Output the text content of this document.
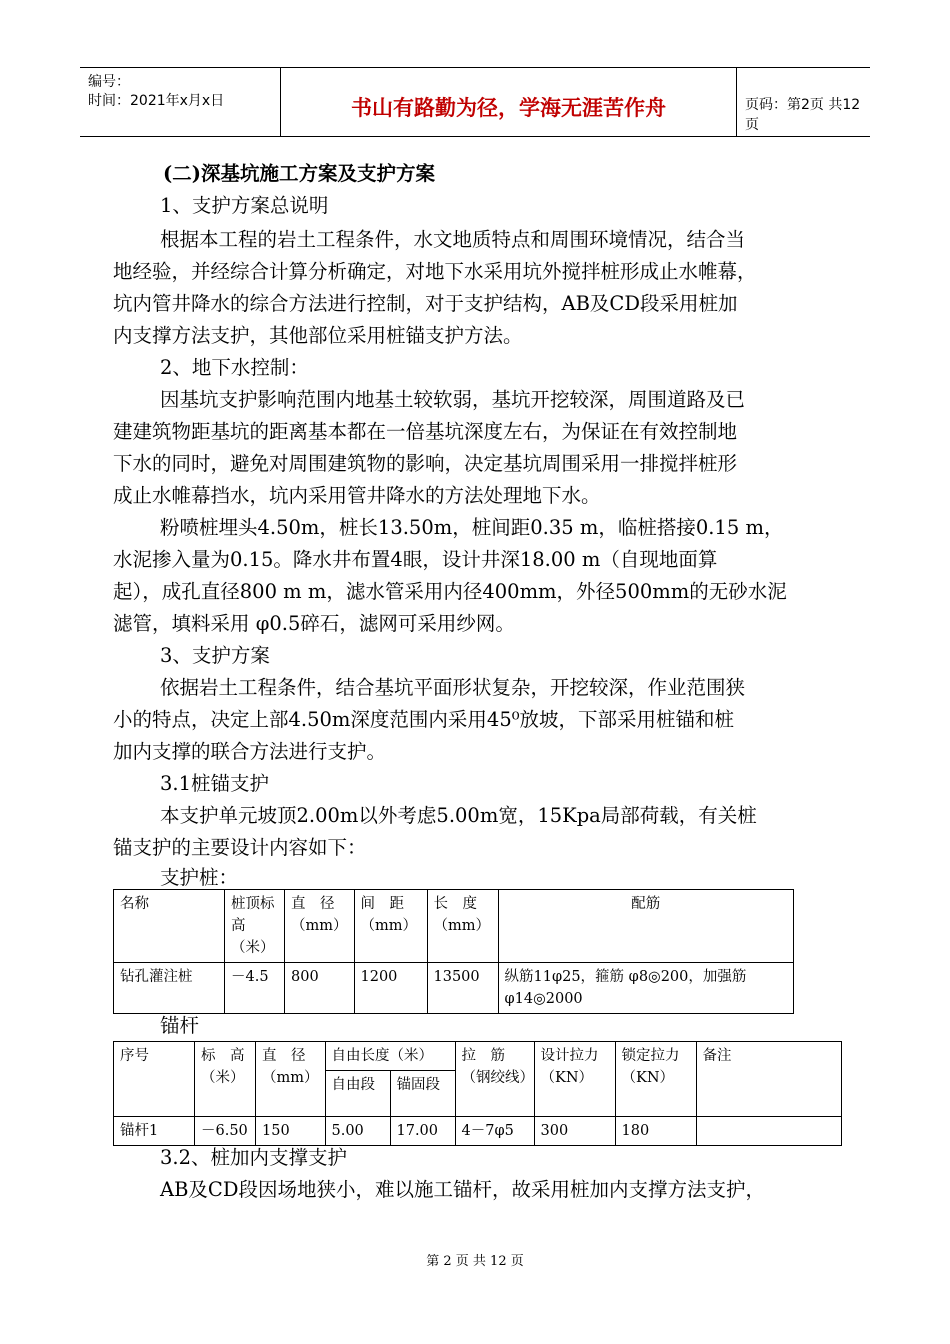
编号：
时间：2021年x月x日	书山有路勤为径，学海无涯苦作舟	页码：第2页 共12页
(二)深基坑施工方案及支护方案
1、支护方案总说明
根据本工程的岩土工程条件，水文地质特点和周围环境情况，结合当
地经验，并经综合计算分析确定，对地下水采用坑外搅拌桩形成止水帷幕，
坑内管井降水的综合方法进行控制，对于支护结构，AB及CD段采用桩加
内支撑方法支护，其他部位采用桩锚支护方法。
2、地下水控制：
因基坑支护影响范围内地基土较软弱，基坑开挖较深，周围道路及已
建建筑物距基坑的距离基本都在一倍基坑深度左右，为保证在有效控制地
下水的同时，避免对周围建筑物的影响，决定基坑周围采用一排搅拌桩形
成止水帷幕挡水，坑内采用管井降水的方法处理地下水。
粉喷桩埋头4.50m，桩长13.50m，桩间距0.35 m，临桩搭接0.15 m，
水泥掺入量为0.15。降水井布置4眼，设计井深18.00 m（自现地面算
起），成孔直径800 m m，滤水管采用内径400mm，外径500mm的无砂水泥
滤管，填料采用 φ0.5碎石，滤网可采用纱网。
3、支护方案
依据岩土工程条件，结合基坑平面形状复杂，开挖较深，作业范围狭
小的特点，决定上部4.50m深度范围内采用45⁰放坡，下部采用桩锚和桩
加内支撑的联合方法进行支护。
3.1桩锚支护
本支护单元坡顶2.00m以外考虑5.00m宽，15Kpa局部荷载，有关桩
锚支护的主要设计内容如下：
支护桩：
名称	桩顶标高（米）	直　径（mm）	间　距（mm）	长　度（mm）	配筋
钻孔灌注桩	－4.5	800	1200	13500	纵筋11φ25，箍筋 φ8◎200，加强筋 φ14◎2000
锚杆
序号	标　高（米）	直　径（mm）	自由长度（米）		拉　筋（钢绞线）	设计拉力（KN）	锁定拉力（KN）	备注
			自由段	锚固段				
锚杆1	－6.50	150	5.00	17.00	4－7φ5	300	180	
3.2、桩加内支撑支护
AB及CD段因场地狭小，难以施工锚杆，故采用桩加内支撑方法支护，
第 2 页 共 12 页
